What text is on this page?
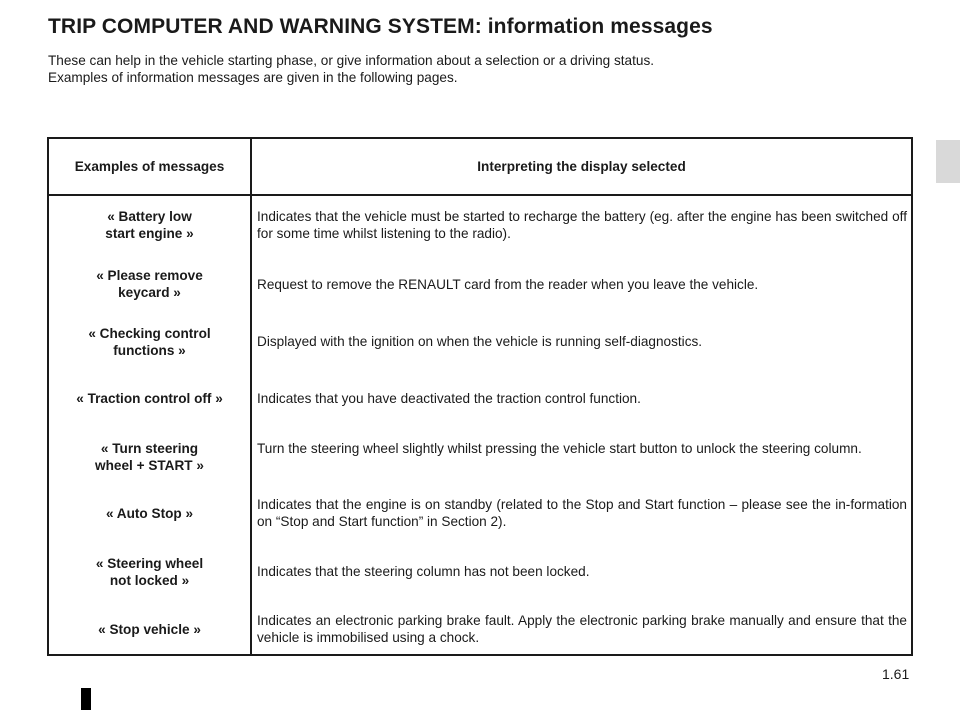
TRIP COMPUTER AND WARNING SYSTEM: information messages
These can help in the vehicle starting phase, or give information about a selection or a driving status.
Examples of information messages are given in the following pages.
Examples of messages	Interpreting the display selected
« Battery low
start engine »
« Please remove
keycard »
« Checking control
functions »
« Traction control off »
« Turn steering
wheel + START »
« Auto Stop »
« Steering wheel
not locked »
« Stop vehicle »
Indicates that the vehicle must be started to recharge the battery (eg. after the engine has been switched off for some time whilst listening to the radio).
Request to remove the RENAULT card from the reader when you leave the vehicle.
Displayed with the ignition on when the vehicle is running self-diagnostics.
Indicates that you have deactivated the traction control function.
Turn the steering wheel slightly whilst pressing the vehicle start button to unlock the steering column.
Indicates that the engine is on standby (related to the Stop and Start function – please see the in-formation on “Stop and Start function” in Section 2).
Indicates that the steering column has not been locked.
Indicates an electronic parking brake fault. Apply the electronic parking brake manually and ensure that the vehicle is immobilised using a chock.
1.61
